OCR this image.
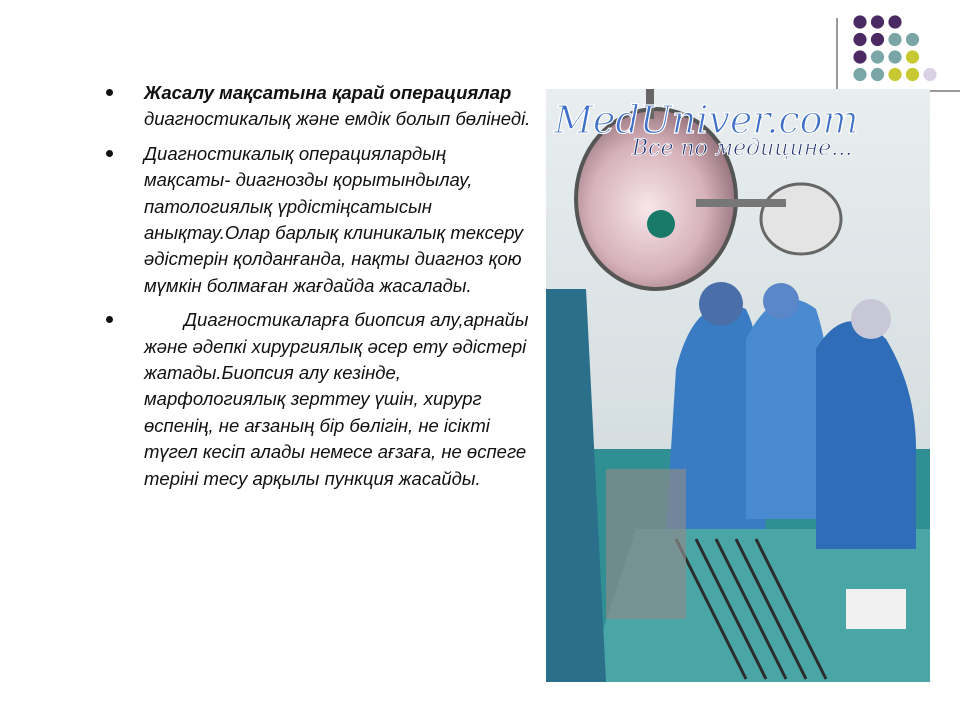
Жасалу мақсатына қарай операциялар диагностикалық және емдік болып бөлінеді.
Диагностикалық операциялардың мақсаты- диагнозды қорытындылау, патологиялық үрдістіңсатысын анықтау.Олар барлық клиникалық тексеру әдістерін қолданғанда, нақты диагноз қою мүмкін болмаған жағдайда жасалады.
Диагностикаларға биопсия алу,арнайы және әдепкі хирургиялық әсер ету әдістері жатады.Биопсия алу кезінде, марфологиялық зерттеу үшін, хирург өспенің, не ағзаның бір бөлігін, не ісікті түгел кесіп алады немесе ағзаға, не өспеге теріні тесу арқылы пункция жасайды.
MedUniver.com
Все по медицине...
